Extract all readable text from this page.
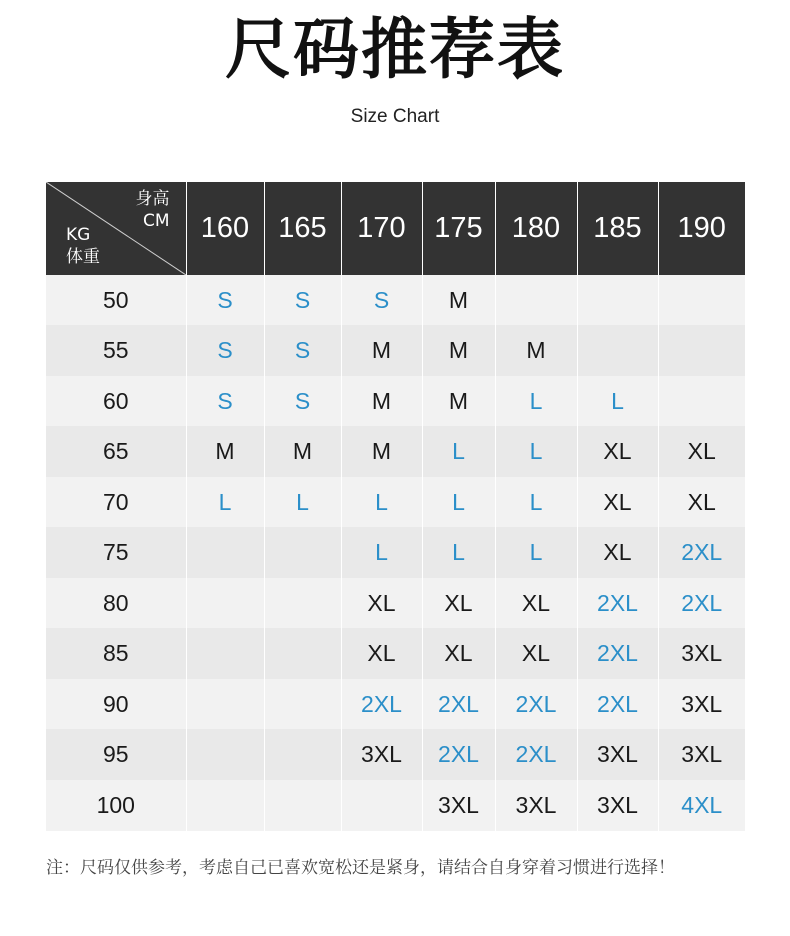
尺码推荐表
Size Chart
身高
CM
KG
体重	160	165	170	175	180	185	190
50	S	S	S	M			
55	S	S	M	M	M		
60	S	S	M	M	L	L	
65	M	M	M	L	L	XL	XL
70	L	L	L	L	L	XL	XL
75			L	L	L	XL	2XL
80			XL	XL	XL	2XL	2XL
85			XL	XL	XL	2XL	3XL
90			2XL	2XL	2XL	2XL	3XL
95			3XL	2XL	2XL	3XL	3XL
100				3XL	3XL	3XL	4XL
注：尺码仅供参考，考虑自己已喜欢宽松还是紧身，请结合自身穿着习惯进行选择！
